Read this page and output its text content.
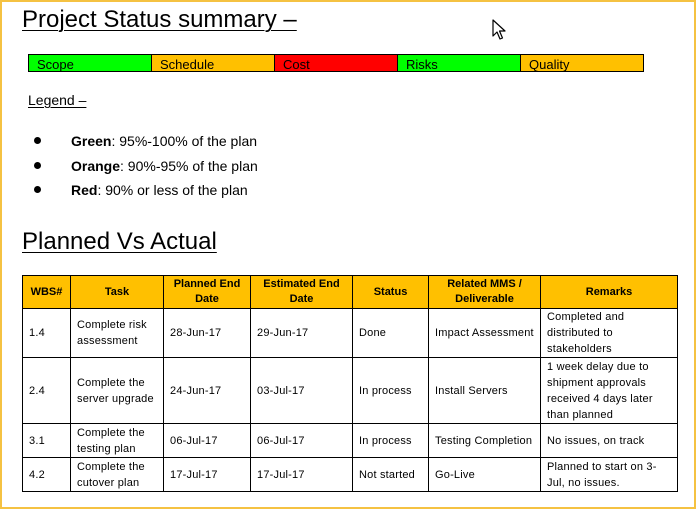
Project Status summary –
Scope	Schedule	Cost	Risks	Quality
Legend –
Green: 95%-100% of the plan
Orange: 90%-95% of the plan
Red: 90% or less of the plan
Planned Vs Actual
WBS#	Task	Planned End Date	Estimated End Date	Status	Related MMS / Deliverable	Remarks
1.4	Complete risk assessment	28-Jun-17	29-Jun-17	Done	Impact Assessment	Completed and distributed to stakeholders
2.4	Complete the server upgrade	24-Jun-17	03-Jul-17	In process	Install Servers	1 week delay due to shipment approvals received 4 days later than planned
3.1	Complete the testing plan	06-Jul-17	06-Jul-17	In process	Testing Completion	No issues, on track
4.2	Complete the cutover plan	17-Jul-17	17-Jul-17	Not started	Go-Live	Planned to start on 3-Jul, no issues.
